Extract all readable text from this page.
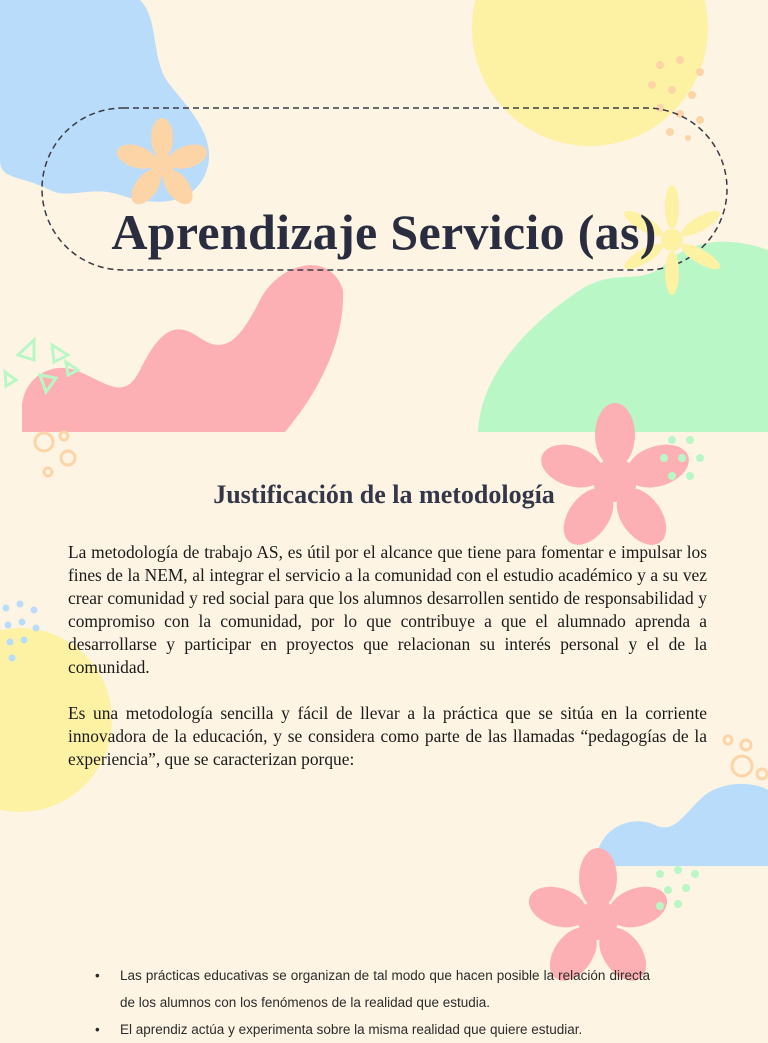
Aprendizaje Servicio (as)
Justificación de la metodología

La metodología de trabajo AS, es útil por el alcance que tiene para fomentar e impulsar los fines de la NEM, al integrar el servicio a la comunidad con el estudio académico y a su vez crear comunidad y red social para que los alumnos desarrollen sentido de responsabilidad y compromiso con la comunidad, por lo que contribuye a que el alumnado aprenda a desarrollarse y participar en proyectos que relacionan su interés personal y el de la comunidad.

Es una metodología sencilla y fácil de llevar a la práctica que se sitúa en la corriente innovadora de la educación, y se considera como parte de las llamadas “pedagogías de la experiencia”, que se caracterizan porque:

• Las prácticas educativas se organizan de tal modo que hacen posible la relación directa de los alumnos con los fenómenos de la realidad que estudia.
• El aprendiz actúa y experimenta sobre la misma realidad que quiere estudiar.
